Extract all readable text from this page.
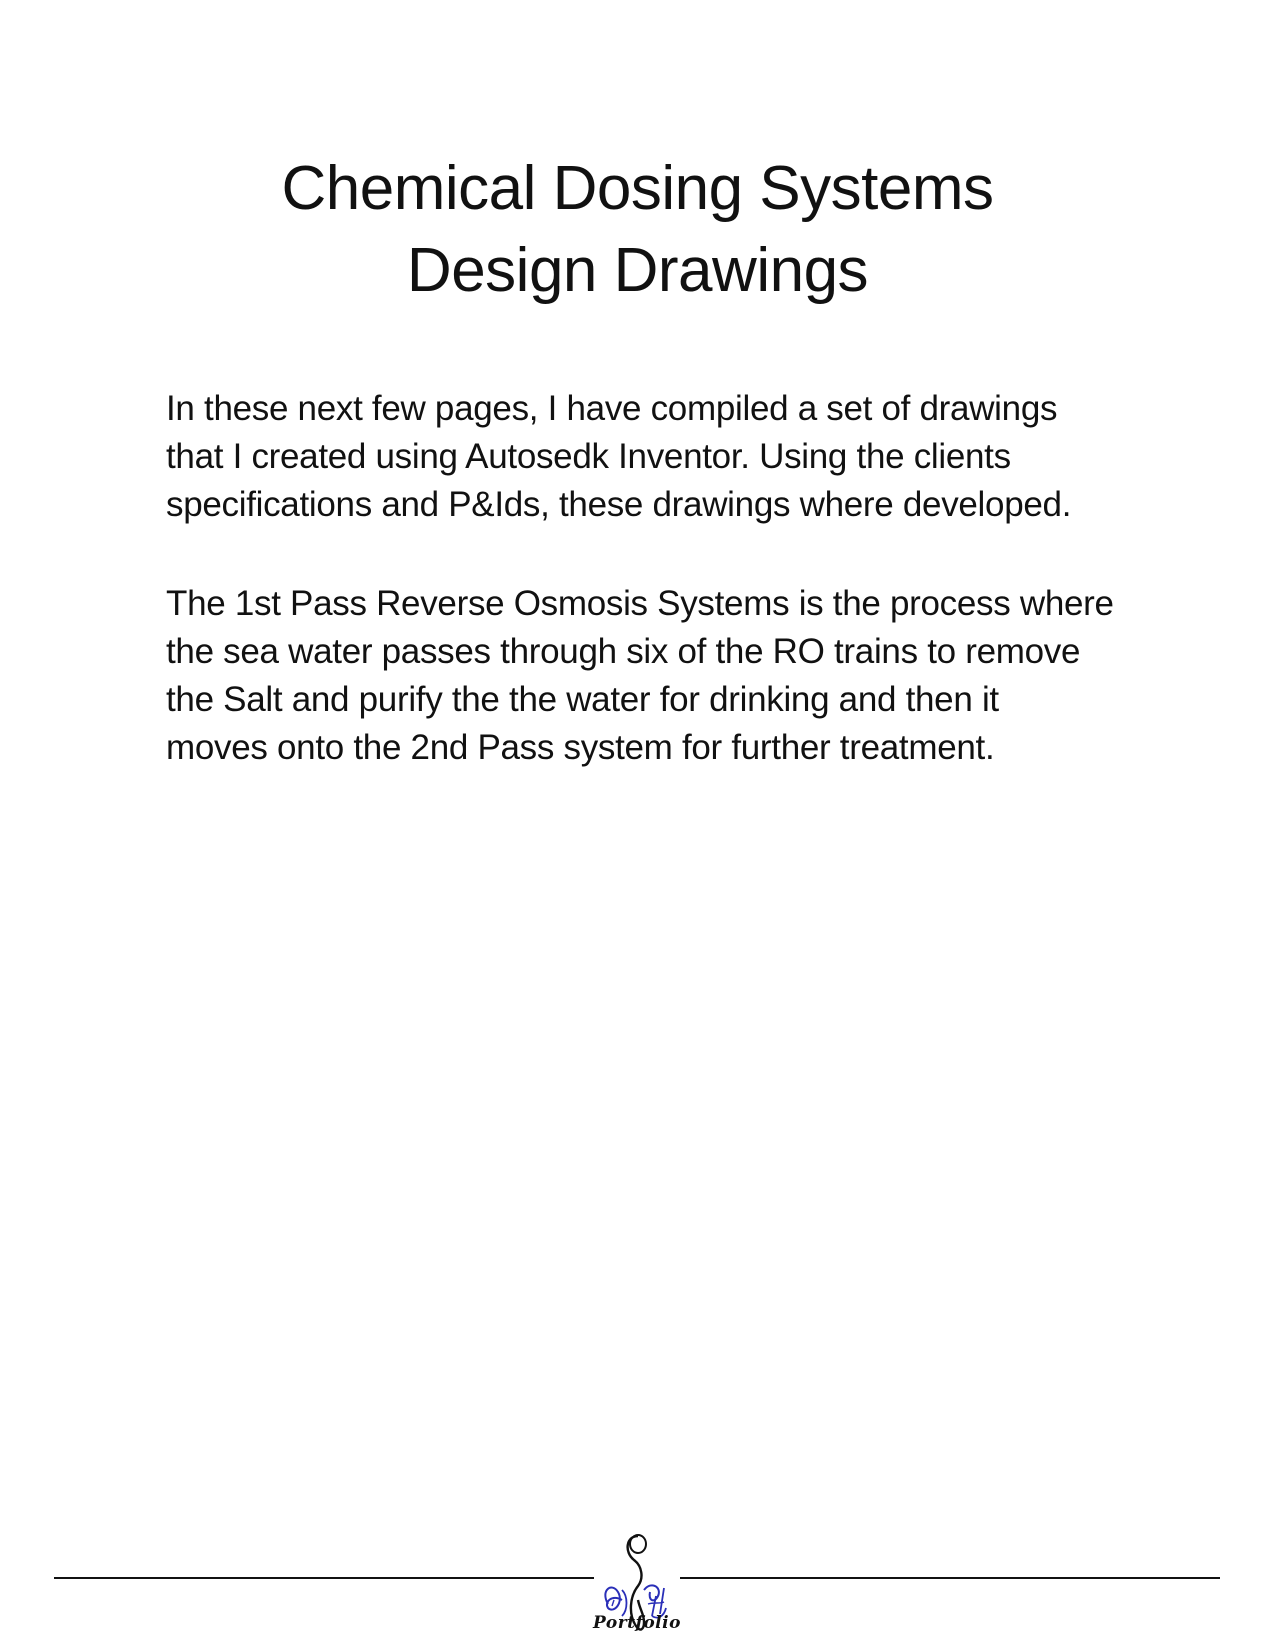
Chemical Dosing Systems
Design Drawings

In these next few pages, I have compiled a set of drawings
that I created using Autosedk Inventor. Using the clients
specifications and P&Ids, these drawings where developed.

The 1st Pass Reverse Osmosis Systems is the process where
the sea water passes through six of the RO trains to remove
the Salt and purify the the water for drinking and then it
moves onto the 2nd Pass system for further treatment.

Portfolio
